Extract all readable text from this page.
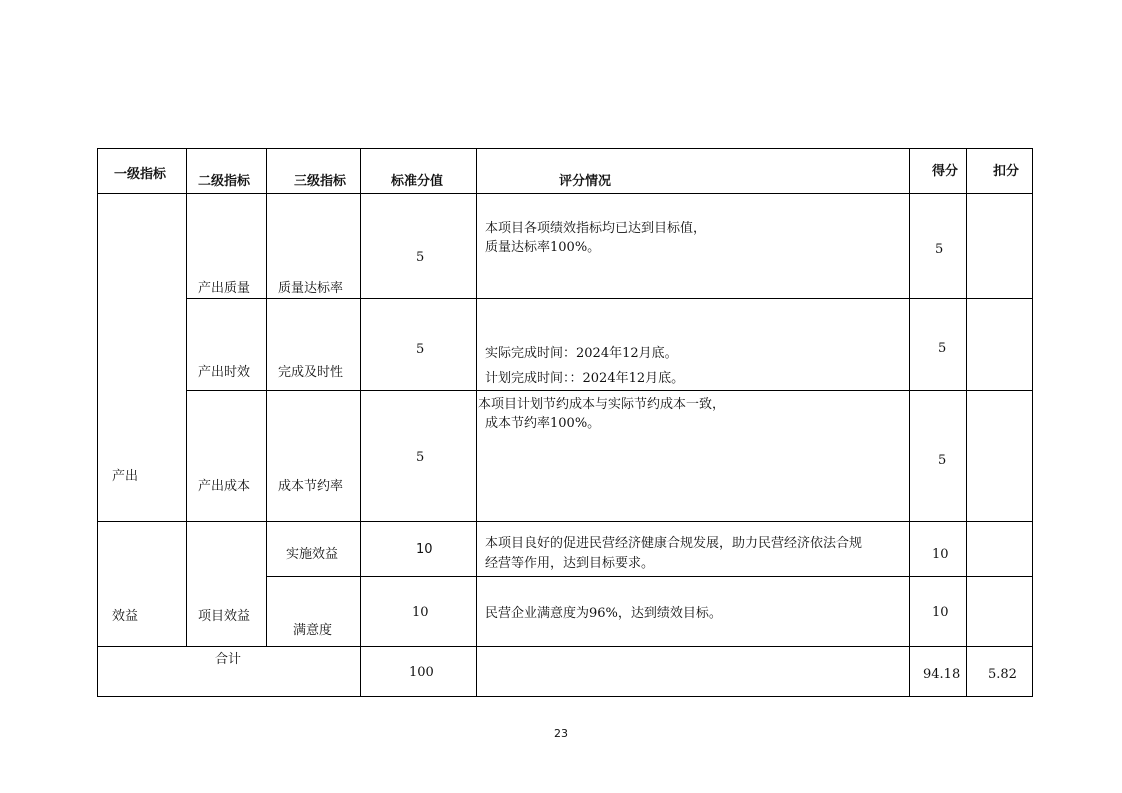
一级指标	二级指标	三级指标	标准分值	评分情况	得分	扣分

产出	产出质量	质量达标率	5	本项目各项绩效指标均已达到目标值，
质量达标率100%。	5	

	产出时效	完成及时性	5	实际完成时间：2024年12月底。
计划完成时间：：2024年12月底。	5	

	产出成本	成本节约率	5	本项目计划节约成本与实际节约成本一致，
成本节约率100%。	5	

效益	项目效益	实施效益	10	本项目良好的促进民营经济健康合规发展，助力民营经济依法合规
经营等作用，达到目标要求。	10	

		满意度	10	民营企业满意度为96%，达到绩效目标。	10	

合计			100		94.18	5.82
23
